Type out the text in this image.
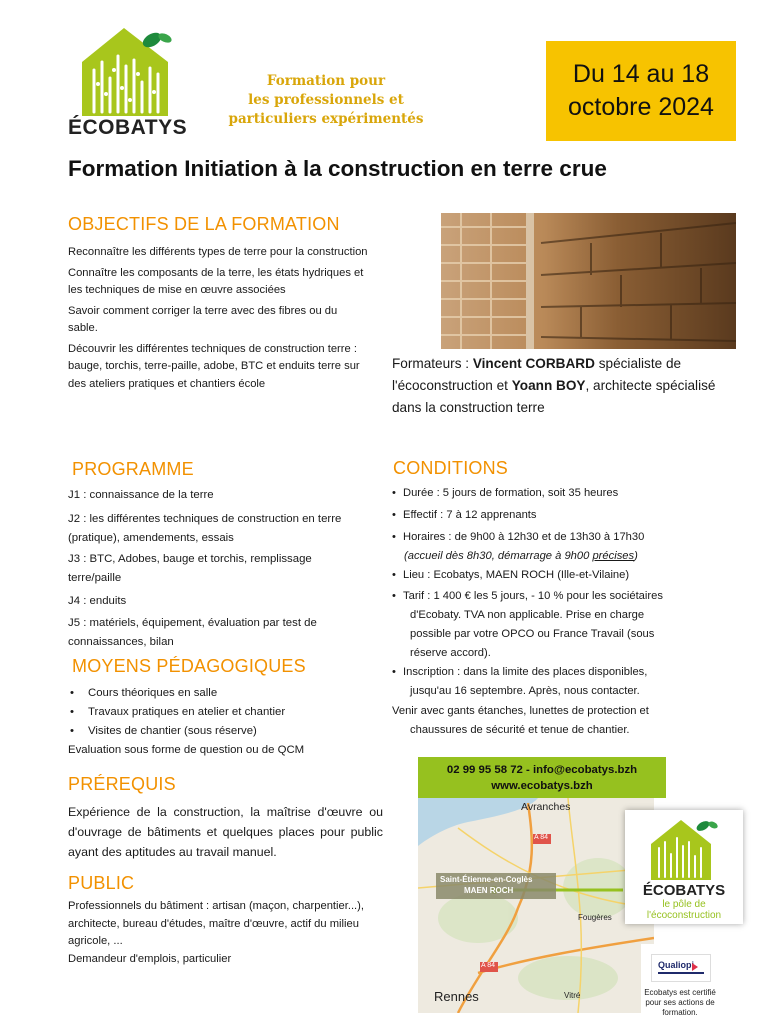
ÉCOBATYS
Formation pour
les professionnels et
particuliers expérimentés
Du 14 au 18
octobre 2024
Formation Initiation à la construction en terre crue
OBJECTIFS DE LA FORMATION

Reconnaître les différents types de terre pour la construction

Connaître les composants de la terre, les états hydriques et les techniques de mise en œuvre associées

Savoir comment corriger la terre avec des fibres ou du sable.

Découvrir les différentes techniques de construction terre : bauge, torchis, terre-paille, adobe, BTC et enduits terre sur des ateliers pratiques et chantiers école

PROGRAMME
J1 : connaissance de la terre
J2 : les différentes techniques de construction en terre (pratique), amendements, essais
J3 : BTC, Adobes, bauge et torchis, remplissage terre/paille
J4 : enduits
J5 : matériels, équipement, évaluation par test de connaissances, bilan
MOYENS PÉDAGOGIQUES
•	Cours théoriques en salle
•	Travaux pratiques en atelier et chantier
•	Visites de chantier (sous réserve)
Evaluation sous forme de question ou de QCM
PRÉREQUIS
Expérience de la construction, la maîtrise d'œuvre ou d'ouvrage de bâtiments et quelques places pour public ayant des aptitudes au travail manuel.
PUBLIC
Professionnels du bâtiment : artisan (maçon, charpentier...), architecte, bureau d'études, maître d'œuvre, actif du milieu agricole, ...
Demandeur d'emplois, particulier
Formateurs : Vincent CORBARD spécialiste de l'écoconstruction et Yoann BOY, architecte spécialisé dans la construction terre
CONDITIONS
• Durée : 5 jours de formation, soit 35 heures
• Effectif : 7 à 12 apprenants
• Horaires : de 9h00 à 12h30 et de 13h30 à 17h30
(accueil dès 8h30, démarrage à 9h00 précises)
• Lieu : Ecobatys, MAEN ROCH (Ille-et-Vilaine)
• Tarif : 1 400 € les 5 jours, - 10 % pour les sociétaires
d'Ecobaty. TVA non applicable. Prise en charge
possible par votre OPCO ou France Travail (sous
réserve accord).
• Inscription : dans la limite des places disponibles,
jusqu'au 16 septembre. Après, nous contacter.
Venir avec gants étanches, lunettes de protection et
chaussures de sécurité et tenue de chantier.
02 99 95 58 72 - info@ecobatys.bzh
www.ecobatys.bzh
Avranches
A 84
Saint-Étienne-en-Coglès
MAEN ROCH
Fougères
A 84
Rennes	Vitré
ÉCOBATYS
le pôle de
l'écoconstruction
Qualiopi
Ecobatys est certifié pour ses actions de formation.
